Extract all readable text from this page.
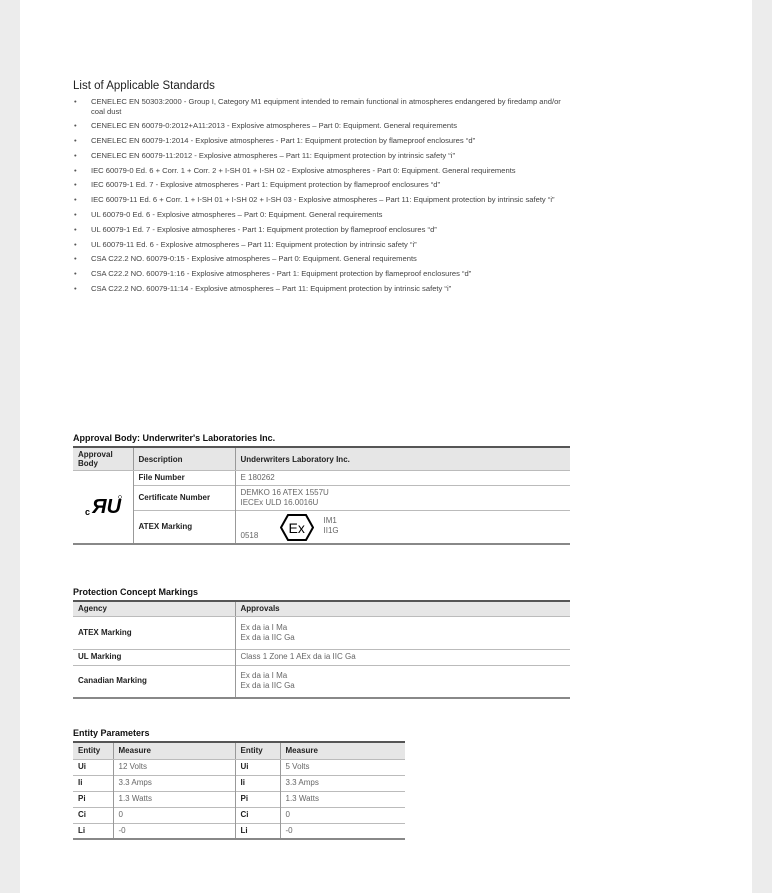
List of Applicable Standards
• CENELEC EN 50303:2000 - Group I, Category M1 equipment intended to remain functional in atmospheres endangered by firedamp and/or coal dust
• CENELEC EN 60079-0:2012+A11:2013 - Explosive atmospheres – Part 0: Equipment. General requirements
• CENELEC EN 60079-1:2014 - Explosive atmospheres - Part 1: Equipment protection by flameproof enclosures “d”
• CENELEC EN 60079-11:2012 - Explosive atmospheres – Part 11: Equipment protection by intrinsic safety “i”
• IEC 60079-0 Ed. 6 + Corr. 1 + Corr. 2 + I-SH 01 + I-SH 02 - Explosive atmospheres - Part 0: Equipment. General requirements
• IEC 60079-1 Ed. 7 - Explosive atmospheres - Part 1: Equipment protection by flameproof enclosures “d”
• IEC 60079-11 Ed. 6 + Corr. 1 + I-SH 01 + I-SH 02 + I-SH 03 - Explosive atmospheres – Part 11: Equipment protection by intrinsic safety “i”
• UL 60079-0 Ed. 6 - Explosive atmospheres – Part 0: Equipment. General requirements
• UL 60079-1 Ed. 7 - Explosive atmospheres - Part 1: Equipment protection by flameproof enclosures “d”
• UL 60079-11 Ed. 6 - Explosive atmospheres – Part 11: Equipment protection by intrinsic safety “i”
• CSA C22.2 NO. 60079-0:15 - Explosive atmospheres – Part 0: Equipment. General requirements
• CSA C22.2 NO. 60079-1:16 - Explosive atmospheres - Part 1: Equipment protection by flameproof enclosures “d”
• CSA C22.2 NO. 60079-11:14 - Explosive atmospheres – Part 11: Equipment protection by intrinsic safety “i”
Approval Body: Underwriter's Laboratories Inc.
Approval Body	Description	Underwriters Laboratory Inc.

c ЯU	File Number	E 180262
	Certificate Number	DEMKO 16 ATEX 1557U
IECEx ULD 16.0016U

	ATEX Marking	0518 Ex IM1
II1G
Protection Concept Markings
Agency	Approvals
ATEX Marking	Ex da ia I Ma
Ex da ia IIC Ga

UL Marking	Class 1 Zone 1 AEx da ia IIC Ga
Canadian Marking	Ex da ia I Ma
Ex da ia IIC Ga
Entity Parameters
Entity	Measure	Entity	Measure
Ui	12 Volts	Ui	5 Volts
Ii	3.3 Amps	Ii	3.3 Amps
Pi	1.3 Watts	Pi	1.3 Watts
Ci	0	Ci	0
Li	-0	Li	-0
